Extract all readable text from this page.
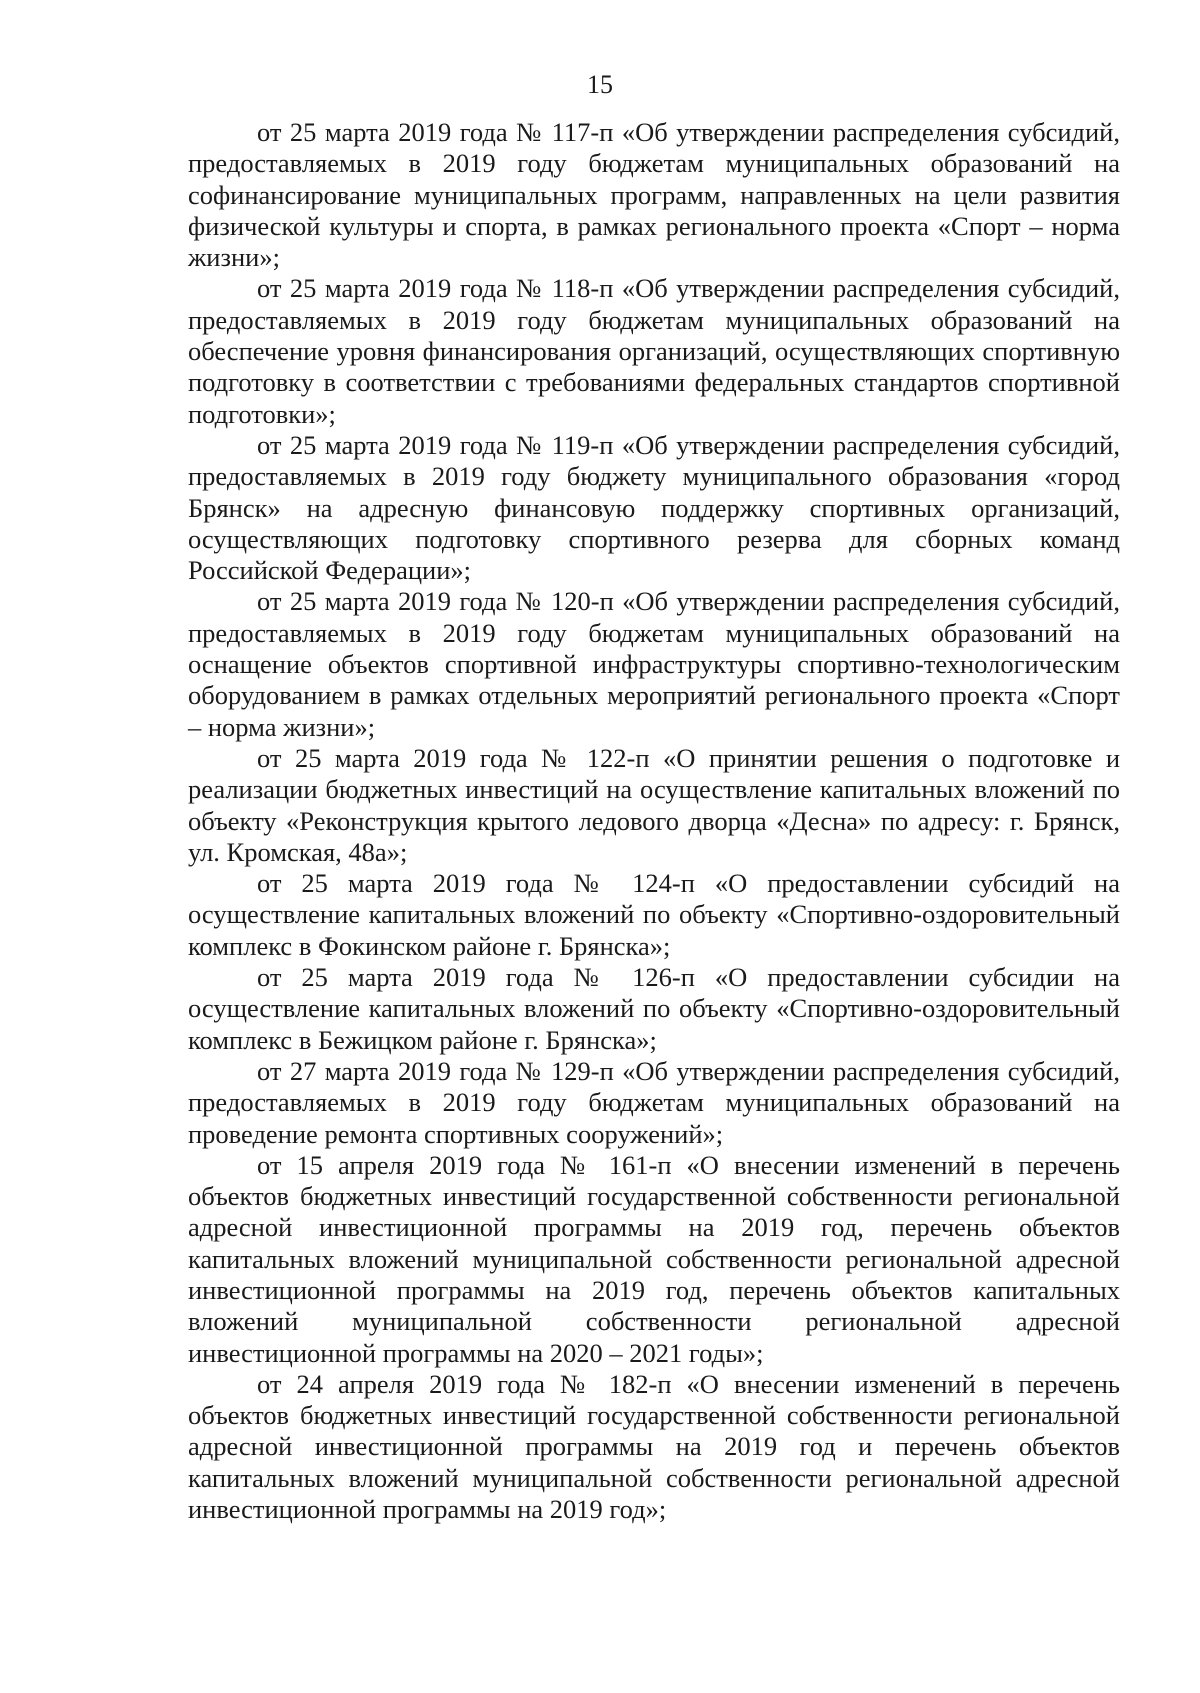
15

от 25 марта 2019 года № 117-п «Об утверждении распределения субсидий, предоставляемых в 2019 году бюджетам муниципальных образований на софинансирование муниципальных программ, направленных на цели развития физической культуры и спорта, в рамках регионального проекта «Спорт – норма жизни»;

от 25 марта 2019 года № 118-п «Об утверждении распределения субсидий, предоставляемых в 2019 году бюджетам муниципальных образований на обеспечение уровня финансирования организаций, осуществляющих спортивную подготовку в соответствии с требованиями федеральных стандартов спортивной подготовки»;

от 25 марта 2019 года № 119-п «Об утверждении распределения субсидий, предоставляемых в 2019 году бюджету муниципального образования «город Брянск» на адресную финансовую поддержку спортивных организаций, осуществляющих подготовку спортивного резерва для сборных команд Российской Федерации»;

от 25 марта 2019 года № 120-п «Об утверждении распределения субсидий, предоставляемых в 2019 году бюджетам муниципальных образований на оснащение объектов спортивной инфраструктуры спортивно-технологическим оборудованием в рамках отдельных мероприятий регионального проекта «Спорт – норма жизни»;

от 25 марта 2019 года № 122-п «О принятии решения о подготовке и реализации бюджетных инвестиций на осуществление капитальных вложений по объекту «Реконструкция крытого ледового дворца «Десна» по адресу: г. Брянск, ул. Кромская, 48а»;

от 25 марта 2019 года № 124-п «О предоставлении субсидий на осуществление капитальных вложений по объекту «Спортивно-оздоровительный комплекс в Фокинском районе г. Брянска»;

от 25 марта 2019 года № 126-п «О предоставлении субсидии на осуществление капитальных вложений по объекту «Спортивно-оздоровительный комплекс в Бежицком районе г. Брянска»;

от 27 марта 2019 года № 129-п «Об утверждении распределения субсидий, предоставляемых в 2019 году бюджетам муниципальных образований на проведение ремонта спортивных сооружений»;

от 15 апреля 2019 года № 161-п «О внесении изменений в перечень объектов бюджетных инвестиций государственной собственности региональной адресной инвестиционной программы на 2019 год, перечень объектов капитальных вложений муниципальной собственности региональной адресной инвестиционной программы на 2019 год, перечень объектов капитальных вложений муниципальной собственности региональной адресной инвестиционной программы на 2020 – 2021 годы»;

от 24 апреля 2019 года № 182-п «О внесении изменений в перечень объектов бюджетных инвестиций государственной собственности региональной адресной инвестиционной программы на 2019 год и перечень объектов капитальных вложений муниципальной собственности региональной адресной инвестиционной программы на 2019 год»;
